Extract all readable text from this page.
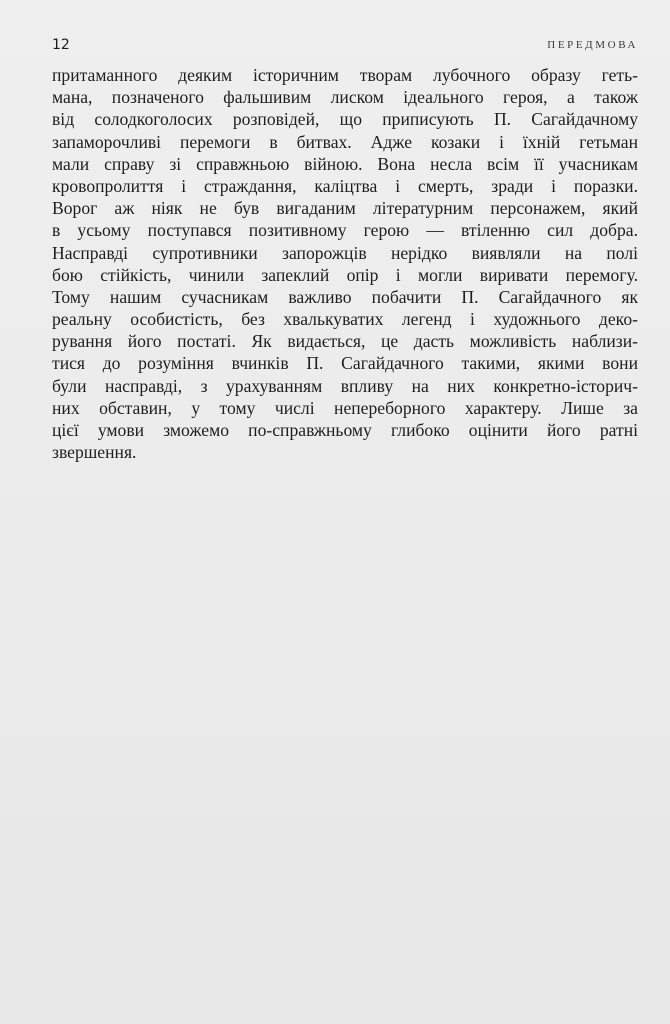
12	ПЕРЕДМОВА
притаманного деяким історичним творам лубочного образу геть-
мана, позначеного фальшивим лиском ідеального героя, а також
від солодкоголосих розповідей, що приписують П. Сагайдачному
запаморочливі перемоги в битвах. Адже козаки і їхній гетьман
мали справу зі справжньою війною. Вона несла всім її учасникам
кровопролиття і страждання, каліцтва і смерть, зради і поразки.
Ворог аж ніяк не був вигаданим літературним персонажем, який
в усьому поступався позитивному герою — втіленню сил добра.
Насправді супротивники запорожців нерідко виявляли на полі
бою стійкість, чинили запеклий опір і могли виривати перемогу.
Тому нашим сучасникам важливо побачити П. Сагайдачного як
реальну особистість, без хвалькуватих легенд і художнього деко-
рування його постаті. Як видається, це дасть можливість наблизи-
тися до розуміння вчинків П. Сагайдачного такими, якими вони
були насправді, з урахуванням впливу на них конкретно-історич-
них обставин, у тому числі непереборного характеру. Лише за
цієї умови зможемо по-справжньому глибоко оцінити його ратні
звершення.
